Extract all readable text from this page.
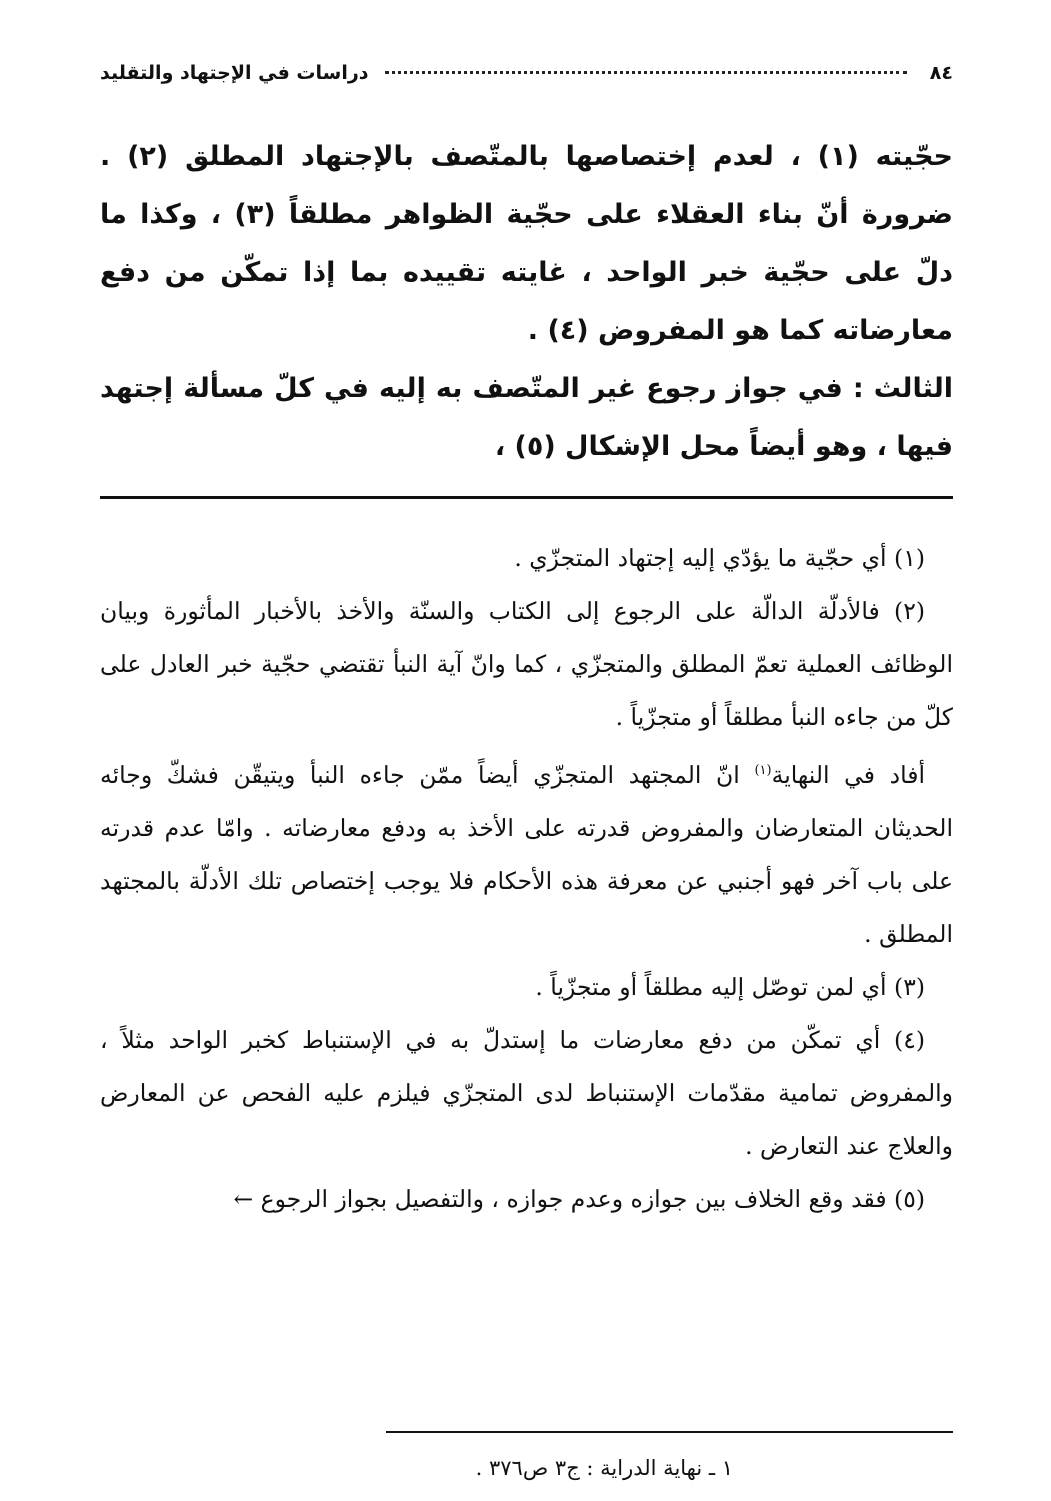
٨٤
دراسات في الإجتهاد والتقليد

حجّيته (١) ، لعدم إختصاصها بالمتّصف بالإجتهاد المطلق (٢) . ضرورة أنّ بناء العقلاء على حجّية الظواهر مطلقاً (٣) ، وكذا ما دلّ على حجّية خبر الواحد ، غايته تقييده بما إذا تمكّن من دفع معارضاته كما هو المفروض (٤) .

الثالث : في جواز رجوع غير المتّصف به إليه في كلّ مسألة إجتهد فيها ، وهو أيضاً محل الإشكال (٥) ،

(١) أي حجّية ما يؤدّي إليه إجتهاد المتجزّي .

(٢) فالأدلّة الدالّة على الرجوع إلى الكتاب والسنّة والأخذ بالأخبار المأثورة وبيان الوظائف العملية تعمّ المطلق والمتجزّي ، كما وانّ آية النبأ تقتضي حجّية خبر العادل على كلّ من جاءه النبأ مطلقاً أو متجزّياً .

أفاد في النهاية$^{(١)}$ انّ المجتهد المتجزّي أيضاً ممّن جاءه النبأ ويتيقّن فشكّ وجائه الحديثان المتعارضان والمفروض قدرته على الأخذ به ودفع معارضاته . وامّا عدم قدرته على باب آخر فهو أجنبي عن معرفة هذه الأحكام فلا يوجب إختصاص تلك الأدلّة بالمجتهد المطلق .

(٣) أي لمن توصّل إليه مطلقاً أو متجزّياً .

(٤) أي تمكّن من دفع معارضات ما إستدلّ به في الإستنباط كخبر الواحد مثلاً ، والمفروض تمامية مقدّمات الإستنباط لدى المتجزّي فيلزم عليه الفحص عن المعارض والعلاج عند التعارض .

(٥) فقد وقع الخلاف بين جوازه وعدم جوازه ، والتفصيل بجواز الرجوع ←

١ ـ نهاية الدراية : ج٣ ص٣٧٦ .
